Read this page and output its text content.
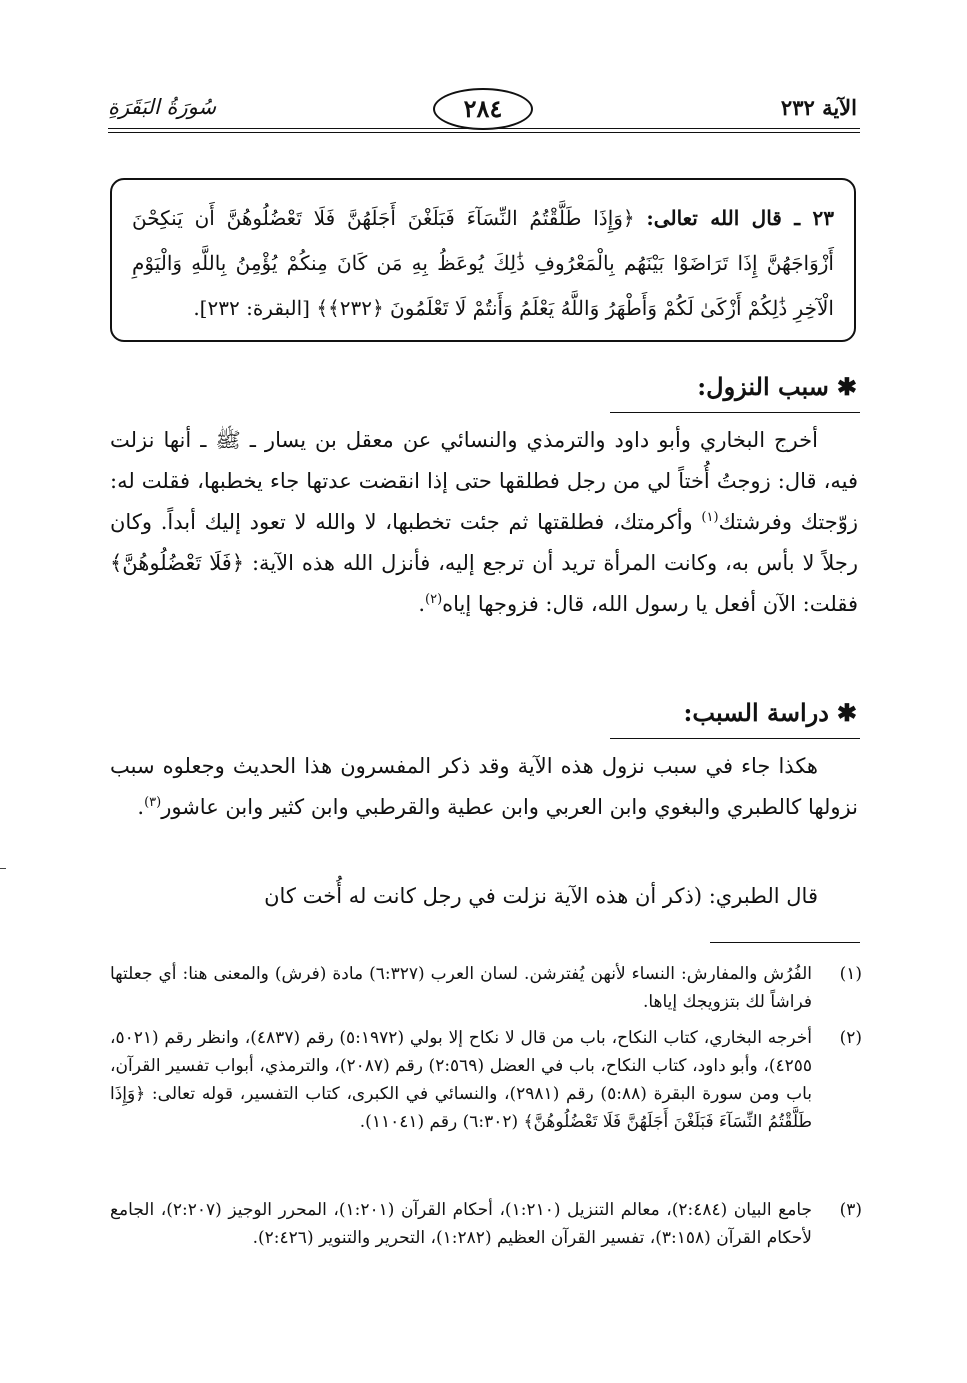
الآية ٢٣٢
٢٨٤
سُورَةُ البَقَرَةِ
٢٣ ـ قال الله تعالى: ﴿وَإِذَا طَلَّقْتُمُ النِّسَآءَ فَبَلَغْنَ أَجَلَهُنَّ فَلَا تَعْضُلُوهُنَّ أَن يَنكِحْنَ أَزْوَاجَهُنَّ إِذَا تَرَاضَوْا بَيْنَهُم بِالْمَعْرُوفِ ذَٰلِكَ يُوعَظُ بِهِ مَن كَانَ مِنكُمْ يُؤْمِنُ بِاللَّهِ وَالْيَوْمِ الْآخِرِ ذَٰلِكُمْ أَزْكَىٰ لَكُمْ وَأَطْهَرُ وَاللَّهُ يَعْلَمُ وَأَنتُمْ لَا تَعْلَمُونَ ﴿٢٣٢﴾﴾ [البقرة: ٢٣٢].
✱سبب النزول:

أخرج البخاري وأبو داود والترمذي والنسائي عن معقل بن يسار ـ ﷺ ـ أنها نزلت فيه، قال: زوجتُ أُختاً لي من رجل فطلقها حتى إذا انقضت عدتها جاء يخطبها، فقلت له: زوّجتك وفرشتك$^{(١)}$ وأكرمتك، فطلقتها ثم جئت تخطبها، لا والله لا تعود إليك أبداً. وكان رجلاً لا بأس به، وكانت المرأة تريد أن ترجع إليه، فأنزل الله هذه الآية: ﴿فَلَا تَعْضُلُوهُنَّ﴾ فقلت: الآن أفعل يا رسول الله، قال: فزوجها إياه$^{(٢)}$.

✱دراسة السبب:

هكذا جاء في سبب نزول هذه الآية وقد ذكر المفسرون هذا الحديث وجعلوه سبب نزولها كالطبري والبغوي وابن العربي وابن عطية والقرطبي وابن كثير وابن عاشور$^{(٣)}$.

قال الطبري: (ذكر أن هذه الآية نزلت في رجل كانت له أُخت كان

(١)
الفُرُش والمفارش: النساء لأنهن يُفترشن. لسان العرب (٦:٣٢٧) مادة (فرش) والمعنى هنا: أي جعلتها فراشاً لك بتزويجك إياها.
(٢)
أخرجه البخاري، كتاب النكاح، باب من قال لا نكاح إلا بولي (٥:١٩٧٢) رقم (٤٨٣٧)، وانظر رقم (٥٠٢١، ٤٢٥٥)، وأبو داود، كتاب النكاح، باب في العضل (٢:٥٦٩) رقم (٢٠٨٧)، والترمذي، أبواب تفسير القرآن، باب ومن سورة البقرة (٥:٨٨) رقم (٢٩٨١)، والنسائي في الكبرى، كتاب التفسير، قوله تعالى: ﴿وَإِذَا طَلَّقْتُمُ النِّسَآءَ فَبَلَغْنَ أَجَلَهُنَّ فَلَا تَعْضُلُوهُنَّ﴾ (٦:٣٠٢) رقم (١١٠٤١).
(٣)
جامع البيان (٢:٤٨٤)، معالم التنزيل (١:٢١٠)، أحكام القرآن (١:٢٠١)، المحرر الوجيز (٢:٢٠٧)، الجامع لأحكام القرآن (٣:١٥٨)، تفسير القرآن العظيم (١:٢٨٢)، التحرير والتنوير (٢:٤٢٦).
